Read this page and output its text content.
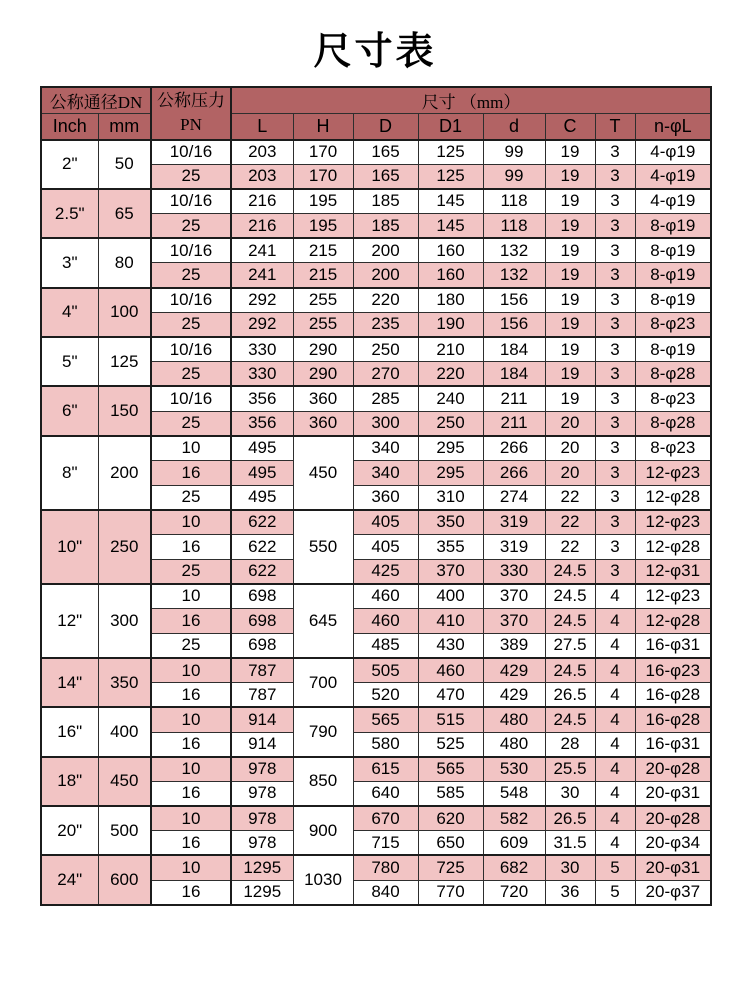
尺寸表
公称通径DN		公称压力
PN	尺寸 （mm）							
Inch	mm		L	H	D	D1	d	C	T	n-φL
2"	50	10/16	203	170	165	125	99	19	3	4-φ19
		25	203	170	165	125	99	19	3	4-φ19
2.5"	65	10/16	216	195	185	145	118	19	3	4-φ19
		25	216	195	185	145	118	19	3	8-φ19
3"	80	10/16	241	215	200	160	132	19	3	8-φ19
		25	241	215	200	160	132	19	3	8-φ19
4"	100	10/16	292	255	220	180	156	19	3	8-φ19
		25	292	255	235	190	156	19	3	8-φ23
5"	125	10/16	330	290	250	210	184	19	3	8-φ19
		25	330	290	270	220	184	19	3	8-φ28
6"	150	10/16	356	360	285	240	211	19	3	8-φ23
		25	356	360	300	250	211	20	3	8-φ28
8"	200	10	495	450	340	295	266	20	3	8-φ23
		16	495		340	295	266	20	3	12-φ23
		25	495		360	310	274	22	3	12-φ28
10"	250	10	622	550	405	350	319	22	3	12-φ23
		16	622		405	355	319	22	3	12-φ28
		25	622		425	370	330	24.5	3	12-φ31
12"	300	10	698	645	460	400	370	24.5	4	12-φ23
		16	698		460	410	370	24.5	4	12-φ28
		25	698		485	430	389	27.5	4	16-φ31
14"	350	10	787	700	505	460	429	24.5	4	16-φ23
		16	787		520	470	429	26.5	4	16-φ28
16"	400	10	914	790	565	515	480	24.5	4	16-φ28
		16	914		580	525	480	28	4	16-φ31
18"	450	10	978	850	615	565	530	25.5	4	20-φ28
		16	978		640	585	548	30	4	20-φ31
20"	500	10	978	900	670	620	582	26.5	4	20-φ28
		16	978		715	650	609	31.5	4	20-φ34
24"	600	10	1295	1030	780	725	682	30	5	20-φ31
		16	1295		840	770	720	36	5	20-φ37
